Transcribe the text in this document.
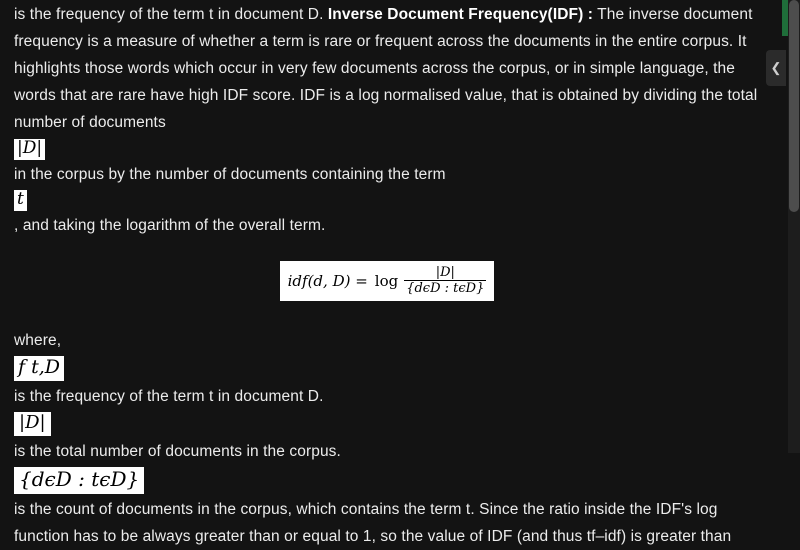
is the frequency of the term t in document D. Inverse Document Frequency(IDF) : The inverse document frequency is a measure of whether a term is rare or frequent across the documents in the entire corpus. It highlights those words which occur in very few documents across the corpus, or in simple language, the words that are rare have high IDF score. IDF is a log normalised value, that is obtained by dividing the total number of documents

|D|

in the corpus by the number of documents containing the term

t

, and taking the logarithm of the overall term.

idf(d, $D) = \log \frac{|D|}{\text{\{dϵD : tϵD\}}}$

where,

f t,D

is the frequency of the term t in document D.

|D|

is the total number of documents in the corpus.

{dϵD : tϵD}

is the count of documents in the corpus, which contains the term t. Since the ratio inside the IDF's log function has to be always greater than or equal to 1, so the value of IDF (and thus tf–idf) is greater than

❮
